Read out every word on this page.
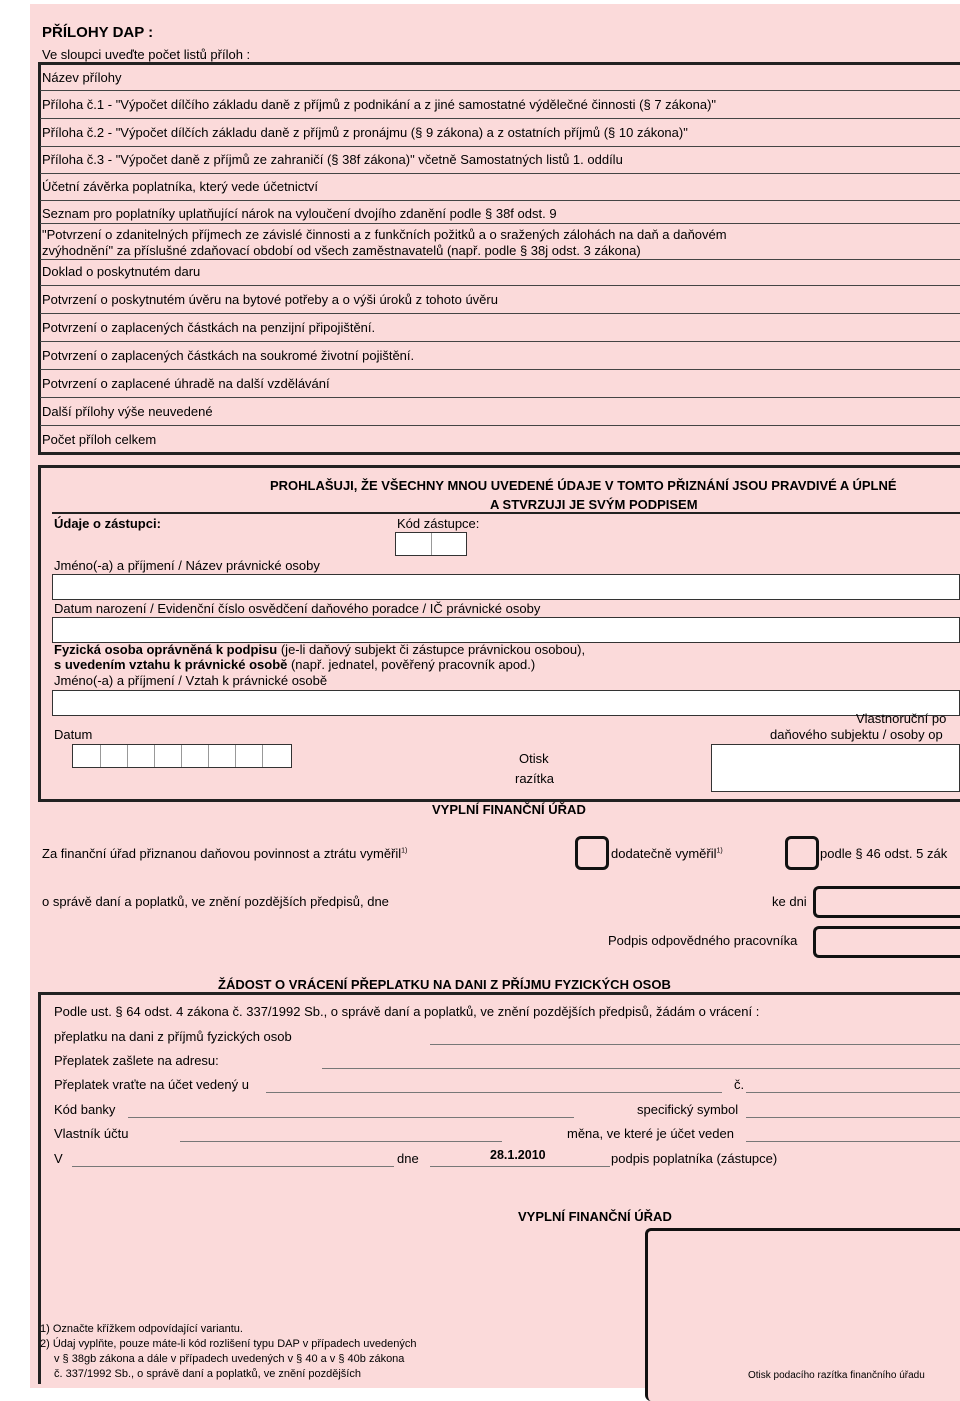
PŘÍLOHY DAP :
Ve sloupci uveďte počet listů příloh :
Název přílohy
Příloha č.1 - "Výpočet dílčího základu daně z příjmů z podnikání a z jiné samostatné výdělečné činnosti (§ 7 zákona)"
Příloha č.2 - "Výpočet dílčích základu daně z příjmů z pronájmu (§ 9 zákona) a z ostatních příjmů (§ 10 zákona)"
Příloha č.3 - "Výpočet daně z příjmů ze zahraničí (§ 38f zákona)" včetně Samostatných listů 1. oddílu
Účetní závěrka poplatníka, který vede účetnictví
Seznam pro poplatníky uplatňující nárok na vyloučení dvojího zdanění podle § 38f odst. 9
"Potvrzení o zdanitelných příjmech ze závislé činnosti a z funkčních požitků a o sražených zálohách na daň a daňovém
zvýhodnění" za příslušné zdaňovací období od všech zaměstnavatelů (např. podle § 38j odst. 3 zákona)
Doklad o poskytnutém daru
Potvrzení o poskytnutém úvěru na bytové potřeby a o výši úroků z tohoto úvěru
Potvrzení o zaplacených částkách na penzijní připojištění.
Potvrzení o zaplacených částkách na soukromé životní pojištění.
Potvrzení o zaplacené úhradě na další vzdělávání
Další přílohy výše neuvedené
Počet příloh celkem
PROHLAŠUJI, ŽE VŠECHNY MNOU UVEDENÉ ÚDAJE V TOMTO PŘIZNÁNÍ JSOU PRAVDIVÉ A ÚPLNÉ
A STVRZUJI JE SVÝM PODPISEM
Údaje o zástupci:	Kód zástupce:
Jméno(-a) a příjmení / Název právnické osoby
Datum narození / Evidenční číslo osvědčení daňového poradce / IČ právnické osoby
Fyzická osoba oprávněná k podpisu (je-li daňový subjekt či zástupce právnickou osobou),
s uvedením vztahu k právnické osobě (např. jednatel, pověřený pracovník apod.)
Jméno(-a) a příjmení / Vztah k právnické osobě
Datum
Otisk
razítka
Vlastnoruční po
daňového subjektu / osoby op
VYPLNÍ FINANČNÍ ÚŘAD
Za finanční úřad přiznanou daňovou povinnost a ztrátu vyměřil$^{1)}$	dodatečně vyměřil$^{1)}$	podle § 46 odst. 5 zák
o správě daní a poplatků, ve znění pozdějších předpisů, dne	ke dni
Podpis odpovědného pracovníka
ŽÁDOST O VRÁCENÍ PŘEPLATKU NA DANI Z PŘÍJMU FYZICKÝCH OSOB
Podle ust. § 64 odst. 4 zákona č. 337/1992 Sb., o správě daní a poplatků, ve znění pozdějších předpisů, žádám o vrácení :
přeplatku na dani z příjmů fyzických osob
Přeplatek zašlete na adresu:
Přeplatek vraťte na účet vedený u	č.
Kód banky	specifický symbol
Vlastník účtu	měna, ve které je účet veden
V	dne	28.1.2010	podpis poplatníka (zástupce)
VYPLNÍ FINANČNÍ ÚŘAD
Otisk podacího razítka finančního úřadu
1) Označte křížkem odpovídající variantu.
2) Údaj vyplňte, pouze máte-li kód rozlišení typu DAP v případech uvedených
v § 38gb zákona a dále v případech uvedených v § 40 a v § 40b zákona
č. 337/1992 Sb., o správě daní a poplatků, ve znění pozdějších
